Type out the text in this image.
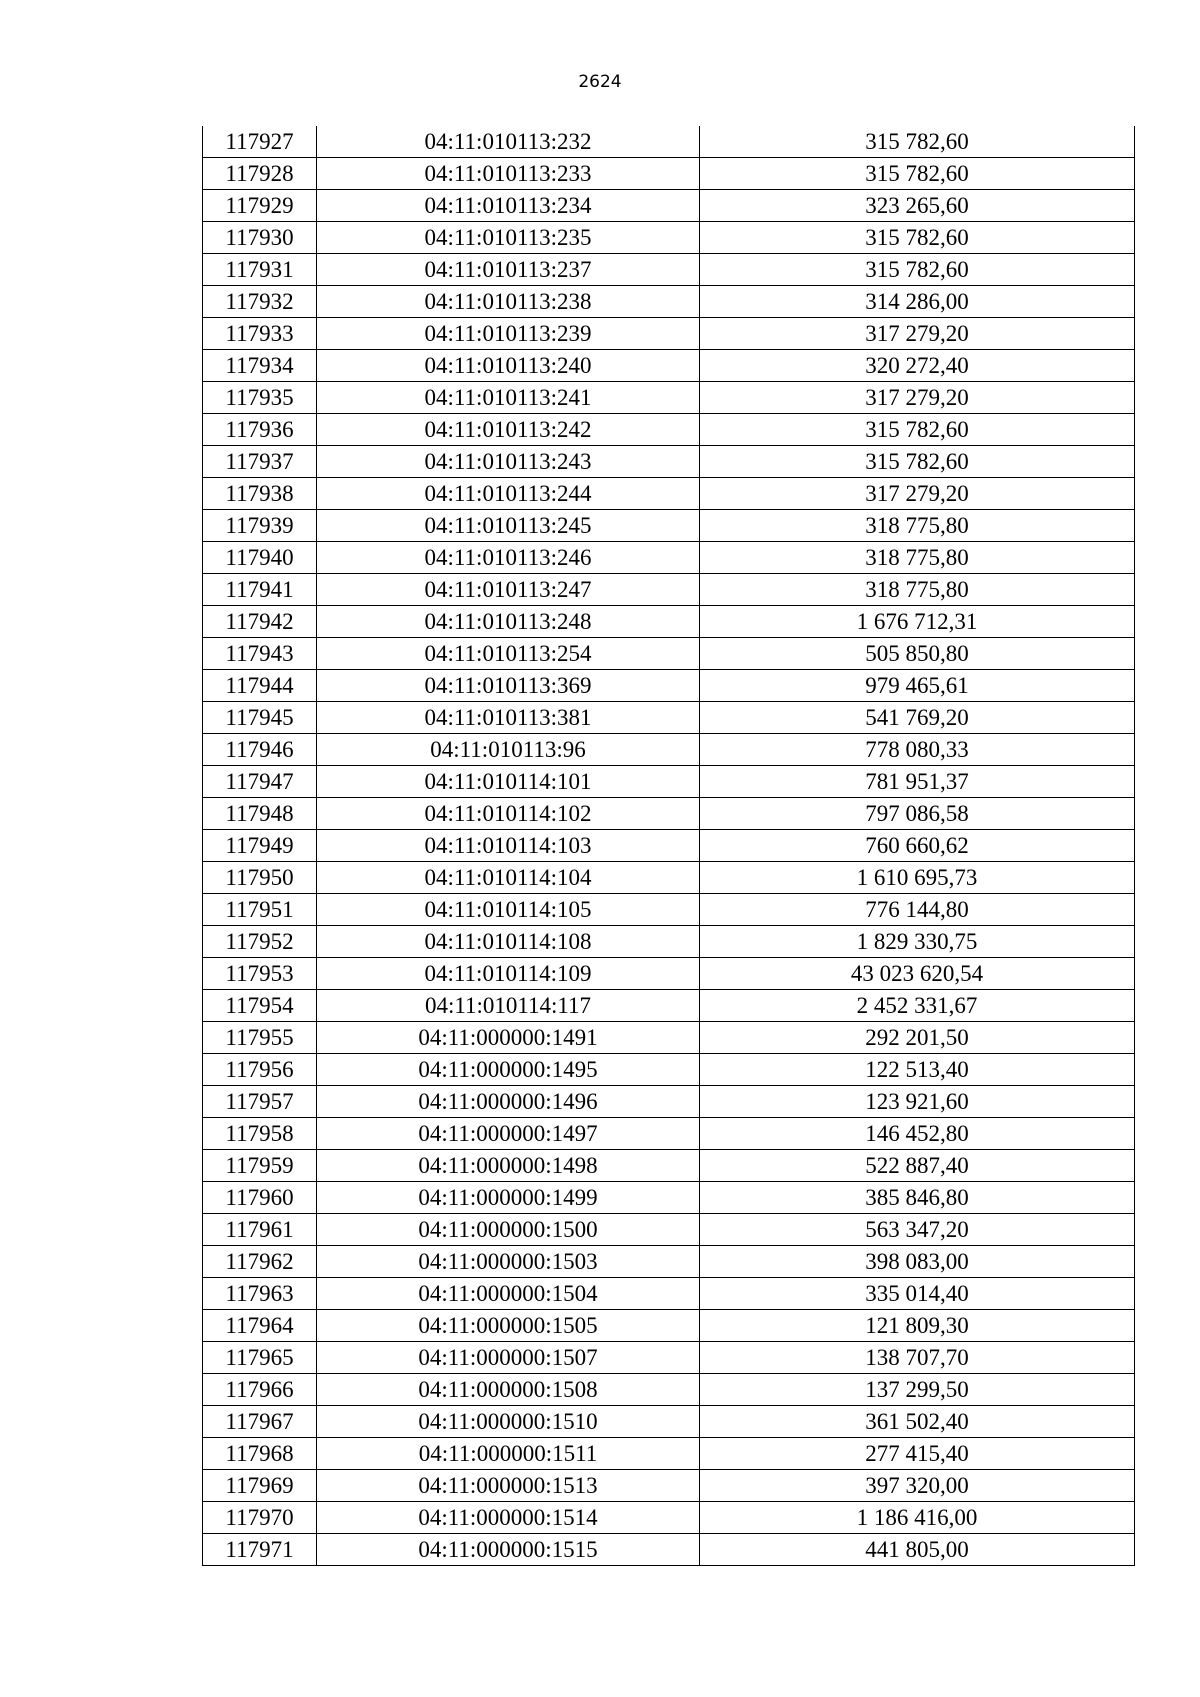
2624
117927	04:11:010113:232	315 782,60
117928	04:11:010113:233	315 782,60
117929	04:11:010113:234	323 265,60
117930	04:11:010113:235	315 782,60
117931	04:11:010113:237	315 782,60
117932	04:11:010113:238	314 286,00
117933	04:11:010113:239	317 279,20
117934	04:11:010113:240	320 272,40
117935	04:11:010113:241	317 279,20
117936	04:11:010113:242	315 782,60
117937	04:11:010113:243	315 782,60
117938	04:11:010113:244	317 279,20
117939	04:11:010113:245	318 775,80
117940	04:11:010113:246	318 775,80
117941	04:11:010113:247	318 775,80
117942	04:11:010113:248	1 676 712,31
117943	04:11:010113:254	505 850,80
117944	04:11:010113:369	979 465,61
117945	04:11:010113:381	541 769,20
117946	04:11:010113:96	778 080,33
117947	04:11:010114:101	781 951,37
117948	04:11:010114:102	797 086,58
117949	04:11:010114:103	760 660,62
117950	04:11:010114:104	1 610 695,73
117951	04:11:010114:105	776 144,80
117952	04:11:010114:108	1 829 330,75
117953	04:11:010114:109	43 023 620,54
117954	04:11:010114:117	2 452 331,67
117955	04:11:000000:1491	292 201,50
117956	04:11:000000:1495	122 513,40
117957	04:11:000000:1496	123 921,60
117958	04:11:000000:1497	146 452,80
117959	04:11:000000:1498	522 887,40
117960	04:11:000000:1499	385 846,80
117961	04:11:000000:1500	563 347,20
117962	04:11:000000:1503	398 083,00
117963	04:11:000000:1504	335 014,40
117964	04:11:000000:1505	121 809,30
117965	04:11:000000:1507	138 707,70
117966	04:11:000000:1508	137 299,50
117967	04:11:000000:1510	361 502,40
117968	04:11:000000:1511	277 415,40
117969	04:11:000000:1513	397 320,00
117970	04:11:000000:1514	1 186 416,00
117971	04:11:000000:1515	441 805,00
